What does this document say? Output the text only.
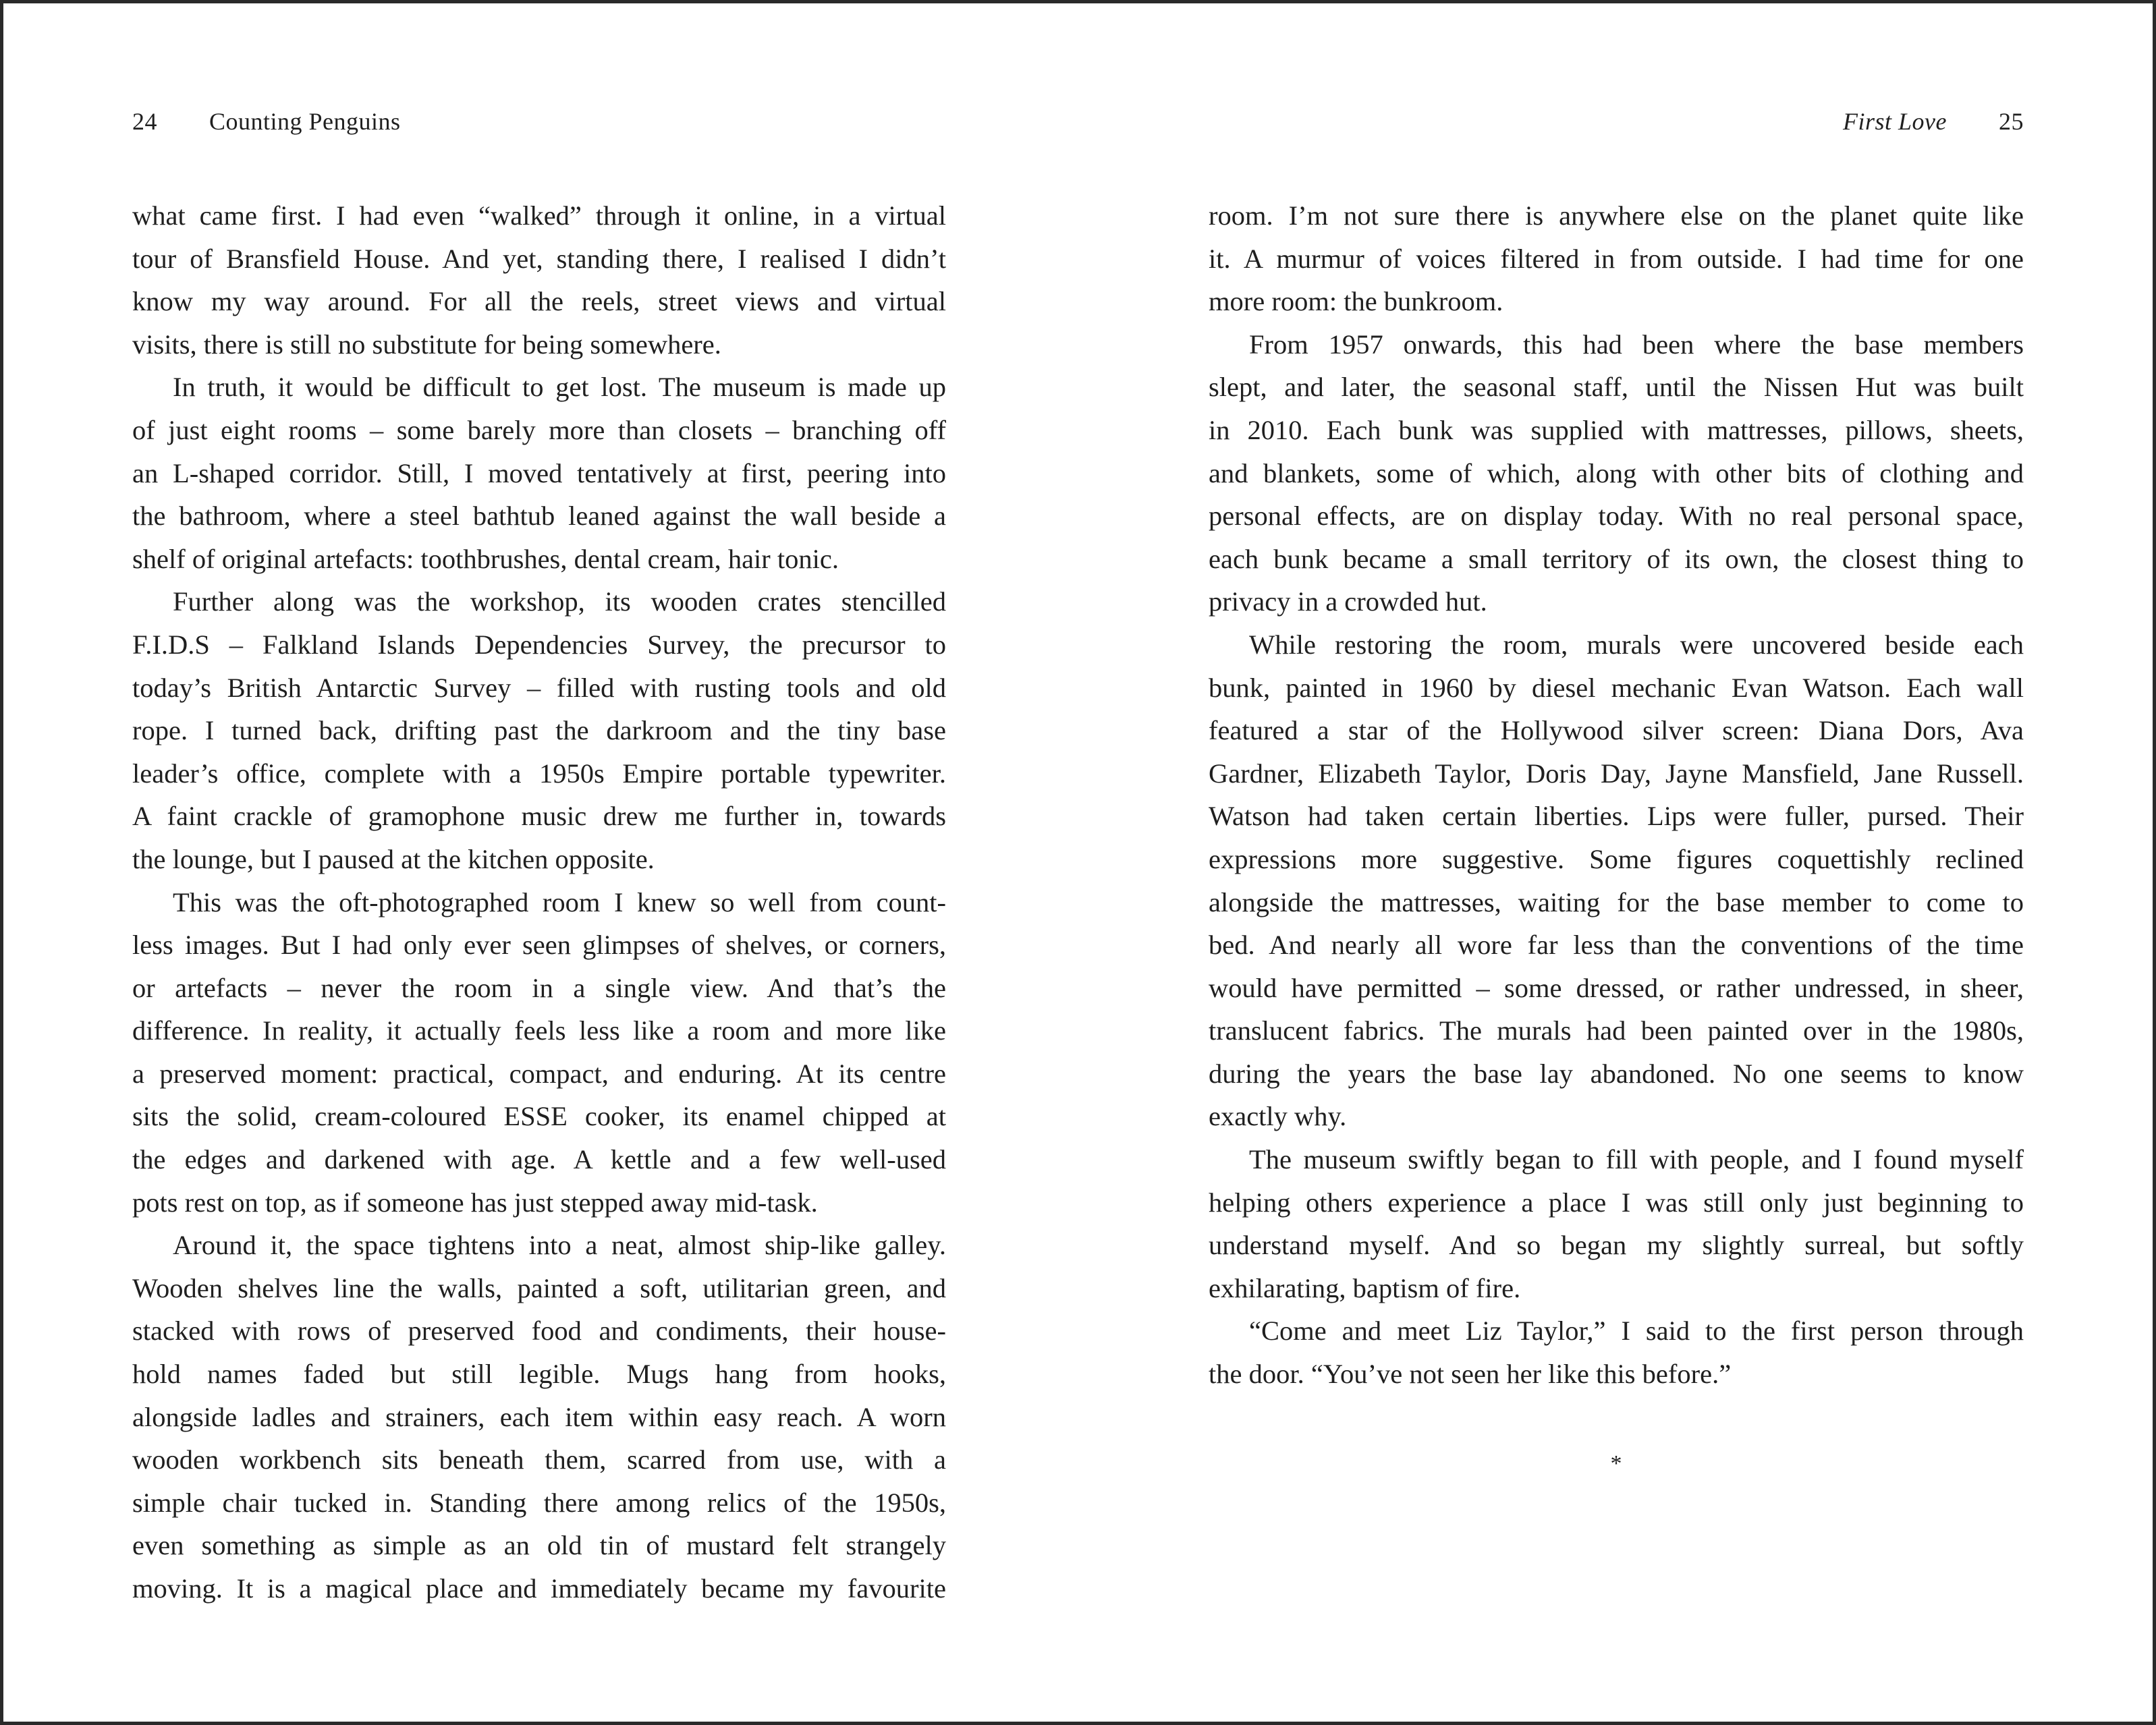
24 Counting Penguins
what came first. I had even “walked” through it online, in a virtual
tour of Bransfield House. And yet, standing there, I realised I didn’t
know my way around. For all the reels, street views and virtual
visits, there is still no substitute for being somewhere.
In truth, it would be difficult to get lost. The museum is made up
of just eight rooms – some barely more than closets – branching off
an L-shaped corridor. Still, I moved tentatively at first, peering into
the bathroom, where a steel bathtub leaned against the wall beside a
shelf of original artefacts: toothbrushes, dental cream, hair tonic.
Further along was the workshop, its wooden crates stencilled
F.I.D.S – Falkland Islands Dependencies Survey, the precursor to
today’s British Antarctic Survey – filled with rusting tools and old
rope. I turned back, drifting past the darkroom and the tiny base
leader’s office, complete with a 1950s Empire portable typewriter.
A faint crackle of gramophone music drew me further in, towards
the lounge, but I paused at the kitchen opposite.
This was the oft-photographed room I knew so well from count-
less images. But I had only ever seen glimpses of shelves, or corners,
or artefacts – never the room in a single view. And that’s the
difference. In reality, it actually feels less like a room and more like
a preserved moment: practical, compact, and enduring. At its centre
sits the solid, cream-coloured ESSE cooker, its enamel chipped at
the edges and darkened with age. A kettle and a few well-used
pots rest on top, as if someone has just stepped away mid-task.
Around it, the space tightens into a neat, almost ship-like galley.
Wooden shelves line the walls, painted a soft, utilitarian green, and
stacked with rows of preserved food and condiments, their house-
hold names faded but still legible. Mugs hang from hooks,
alongside ladles and strainers, each item within easy reach. A worn
wooden workbench sits beneath them, scarred from use, with a
simple chair tucked in. Standing there among relics of the 1950s,
even something as simple as an old tin of mustard felt strangely
moving. It is a magical place and immediately became my favourite
First Love 25
room. I’m not sure there is anywhere else on the planet quite like
it. A murmur of voices filtered in from outside. I had time for one
more room: the bunkroom.
From 1957 onwards, this had been where the base members
slept, and later, the seasonal staff, until the Nissen Hut was built
in 2010. Each bunk was supplied with mattresses, pillows, sheets,
and blankets, some of which, along with other bits of clothing and
personal effects, are on display today. With no real personal space,
each bunk became a small territory of its own, the closest thing to
privacy in a crowded hut.
While restoring the room, murals were uncovered beside each
bunk, painted in 1960 by diesel mechanic Evan Watson. Each wall
featured a star of the Hollywood silver screen: Diana Dors, Ava
Gardner, Elizabeth Taylor, Doris Day, Jayne Mansfield, Jane Russell.
Watson had taken certain liberties. Lips were fuller, pursed. Their
expressions more suggestive. Some figures coquettishly reclined
alongside the mattresses, waiting for the base member to come to
bed. And nearly all wore far less than the conventions of the time
would have permitted – some dressed, or rather undressed, in sheer,
translucent fabrics. The murals had been painted over in the 1980s,
during the years the base lay abandoned. No one seems to know
exactly why.
The museum swiftly began to fill with people, and I found myself
helping others experience a place I was still only just beginning to
understand myself. And so began my slightly surreal, but softly
exhilarating, baptism of fire.
“Come and meet Liz Taylor,” I said to the first person through
the door. “You’ve not seen her like this before.”
*
